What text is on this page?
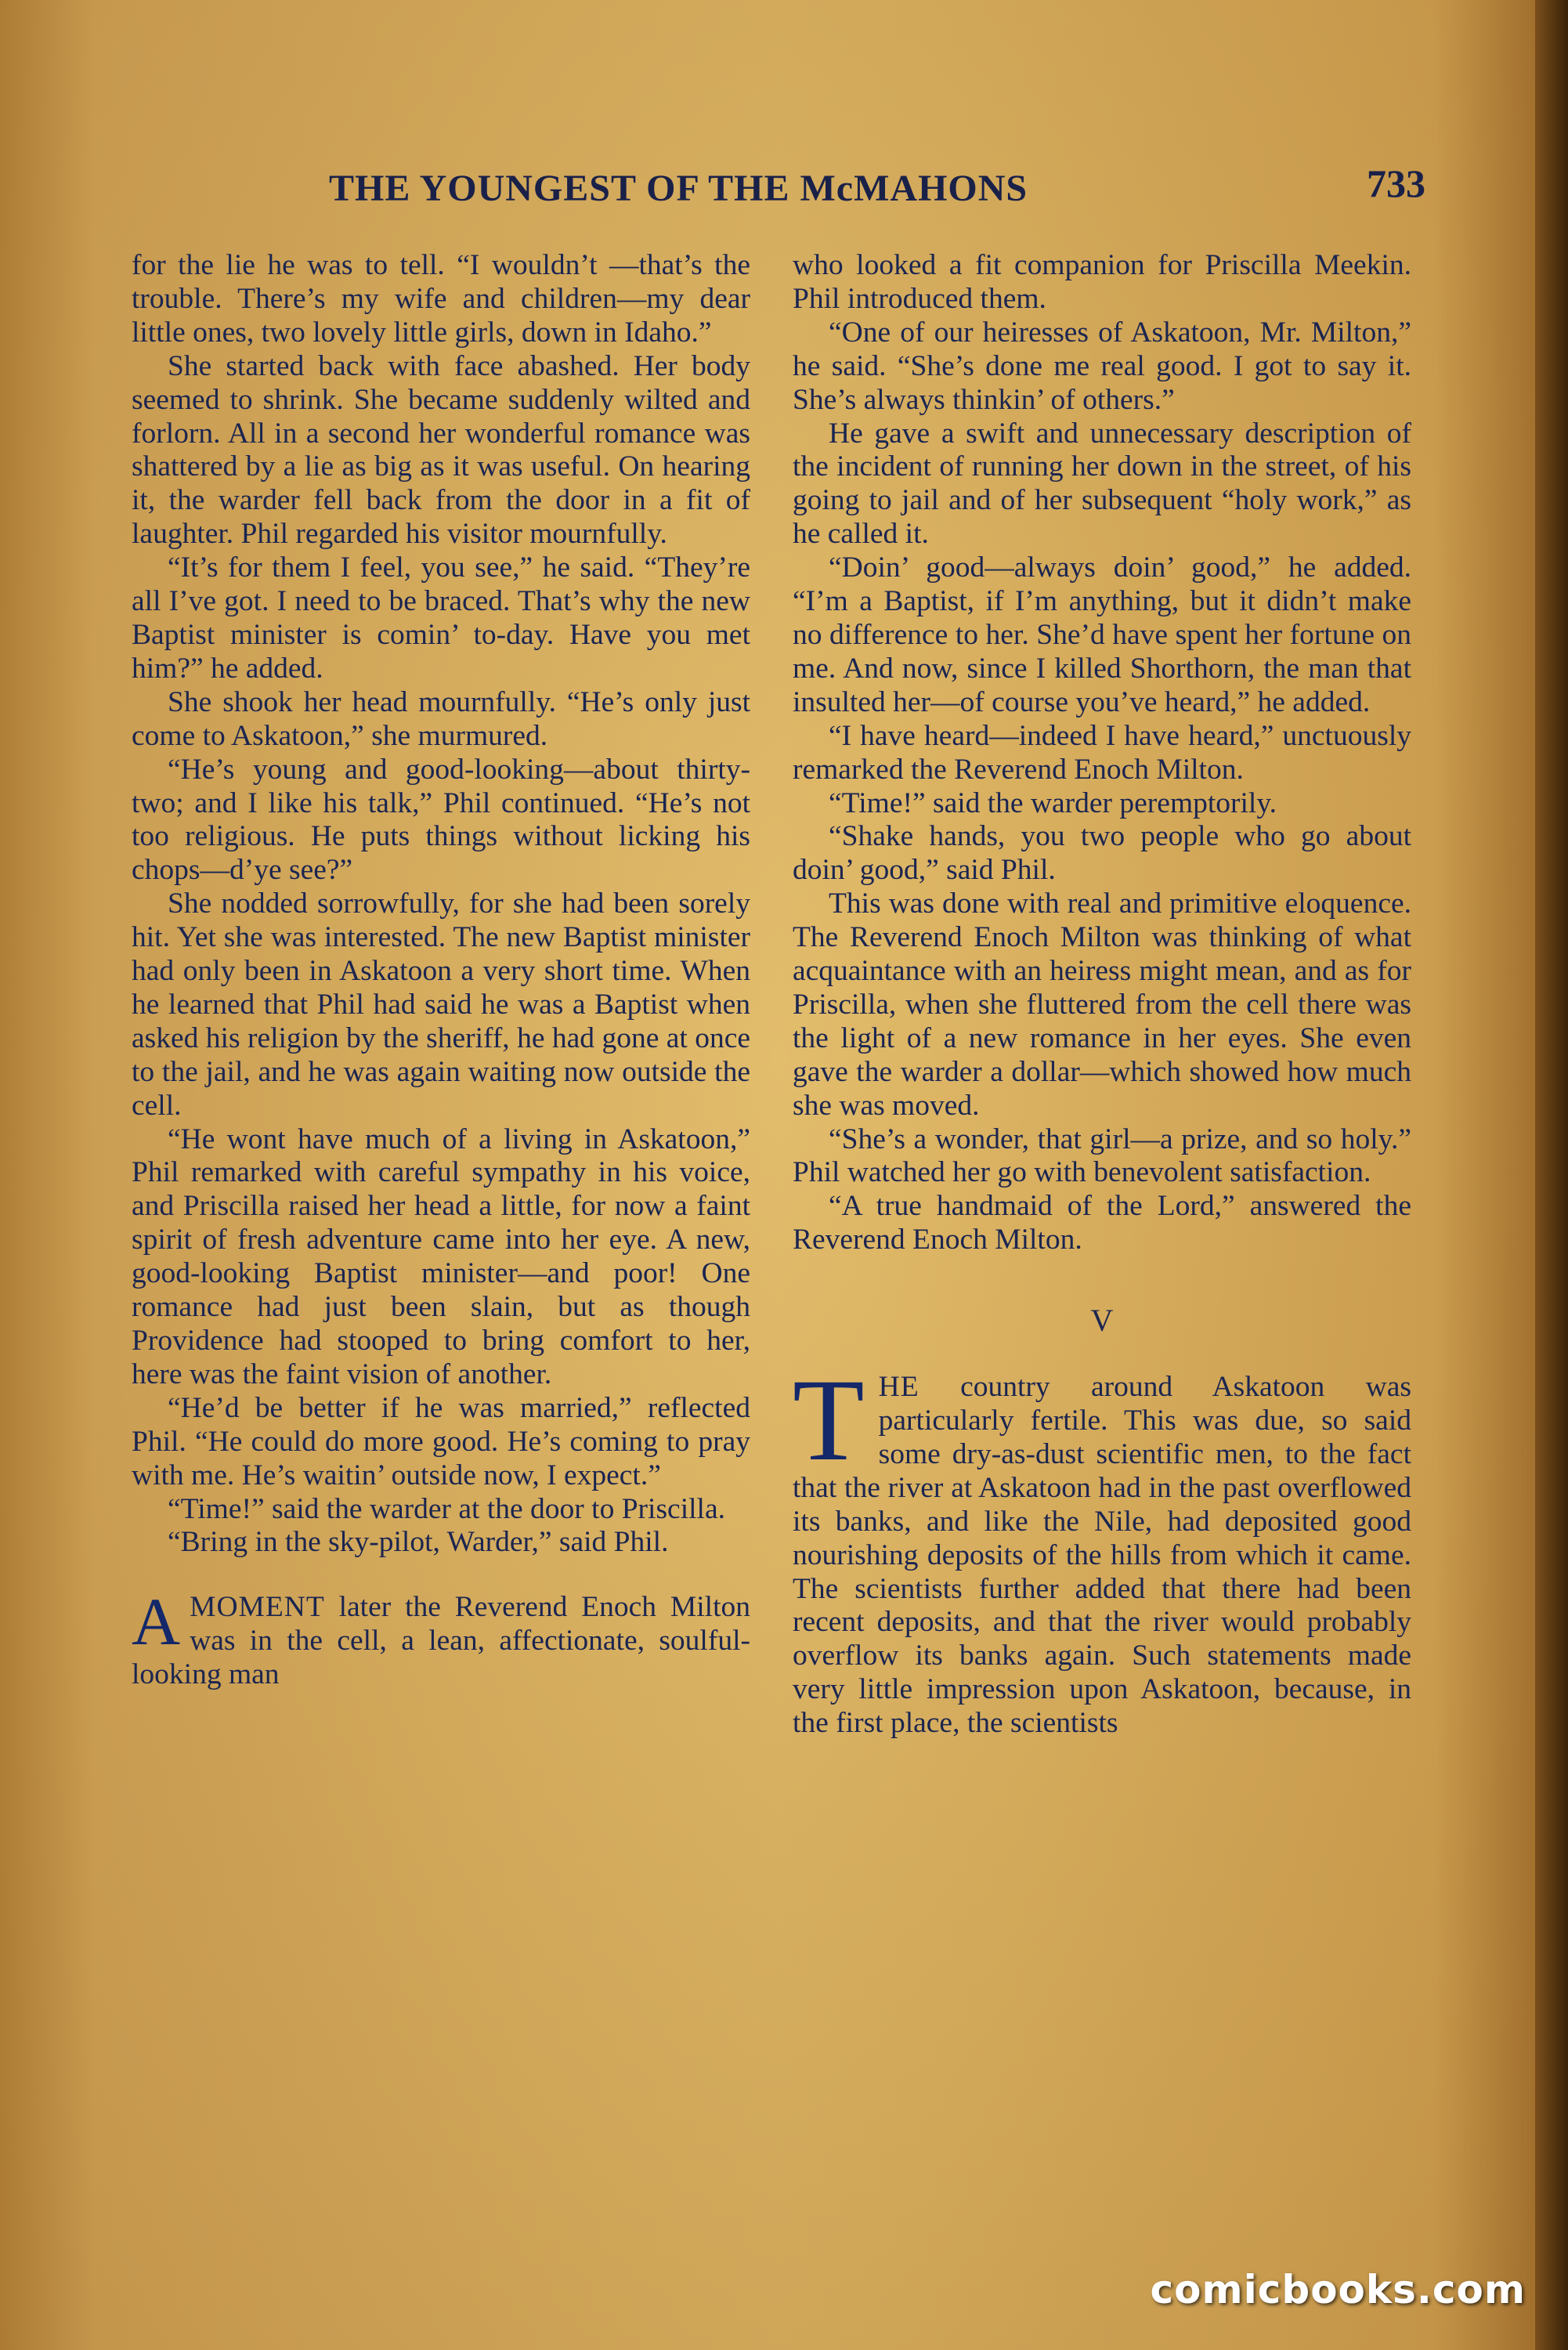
THE YOUNGEST OF THE McMAHONS	733

for the lie he was to tell. “I wouldn’t —that’s the trouble. There’s my wife and children—my dear little ones, two lovely little girls, down in Idaho.”

She started back with face abashed. Her body seemed to shrink. She became suddenly wilted and forlorn. All in a second her wonderful romance was shattered by a lie as big as it was useful. On hearing it, the warder fell back from the door in a fit of laughter. Phil regarded his visitor mournfully.

“It’s for them I feel, you see,” he said. “They’re all I’ve got. I need to be braced. That’s why the new Baptist minister is comin’ to-day. Have you met him?” he added.

She shook her head mournfully. “He’s only just come to Askatoon,” she murmured.

“He’s young and good-looking—about thirty-two; and I like his talk,” Phil continued. “He’s not too religious. He puts things without licking his chops—d’ye see?”

She nodded sorrowfully, for she had been sorely hit. Yet she was interested. The new Baptist minister had only been in Askatoon a very short time. When he learned that Phil had said he was a Baptist when asked his religion by the sheriff, he had gone at once to the jail, and he was again waiting now outside the cell.

“He wont have much of a living in Askatoon,” Phil remarked with careful sympathy in his voice, and Priscilla raised her head a little, for now a faint spirit of fresh adventure came into her eye. A new, good-looking Baptist minister—and poor! One romance had just been slain, but as though Providence had stooped to bring comfort to her, here was the faint vision of another.

“He’d be better if he was married,” reflected Phil. “He could do more good. He’s coming to pray with me. He’s waitin’ outside now, I expect.”

“Time!” said the warder at the door to Priscilla.

“Bring in the sky-pilot, Warder,” said Phil.

AMOMENT later the Reverend Enoch Milton was in the cell, a lean, affectionate, soulful-looking man

who looked a fit companion for Priscilla Meekin. Phil introduced them.

“One of our heiresses of Askatoon, Mr. Milton,” he said. “She’s done me real good. I got to say it. She’s always thinkin’ of others.”

He gave a swift and unnecessary description of the incident of running her down in the street, of his going to jail and of her subsequent “holy work,” as he called it.

“Doin’ good—always doin’ good,” he added. “I’m a Baptist, if I’m anything, but it didn’t make no difference to her. She’d have spent her fortune on me. And now, since I killed Shorthorn, the man that insulted her—of course you’ve heard,” he added.

“I have heard—indeed I have heard,” unctuously remarked the Reverend Enoch Milton.

“Time!” said the warder peremptorily.

“Shake hands, you two people who go about doin’ good,” said Phil.

This was done with real and primitive eloquence. The Reverend Enoch Milton was thinking of what acquaintance with an heiress might mean, and as for Priscilla, when she fluttered from the cell there was the light of a new romance in her eyes. She even gave the warder a dollar—which showed how much she was moved.

“She’s a wonder, that girl—a prize, and so holy.” Phil watched her go with benevolent satisfaction.

“A true handmaid of the Lord,” answered the Reverend Enoch Milton.

V

THE country around Askatoon was particularly fertile. This was due, so said some dry-as-dust scientific men, to the fact that the river at Askatoon had in the past overflowed its banks, and like the Nile, had deposited good nourishing deposits of the hills from which it came. The scientists further added that there had been recent deposits, and that the river would probably overflow its banks again. Such statements made very little impression upon Askatoon, because, in the first place, the scientists

comicbooks.com
